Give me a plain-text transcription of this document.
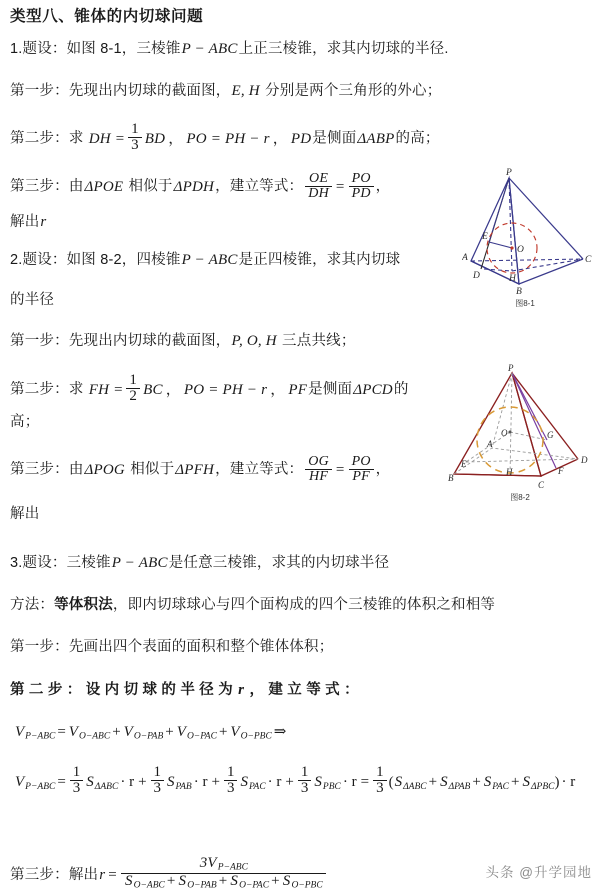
类型八、锥体的内切球问题
1.题设：如图 8-1，三棱锥P − ABC上正三棱锥，求其内切球的半径.
第一步：先现出内切球的截面图，E, H 分别是两个三角形的外心；
第二步：求 DH = $\frac{1}{3}$ BD ， PO = PH − r ， PD是侧面ΔABP的高；
第三步：由ΔPOE 相似于ΔPDH，建立等式： $\frac{OE}{DH} = \frac{PO}{PD}$ ，
解出r
P
A
B
C
D
E
H
O
图8-1
2.题设：如图 8-2，四棱锥P − ABC是正四棱锥，求其内切球
的半径
第一步：先现出内切球的截面图，P, O, H 三点共线；
第二步：求 FH = $\frac{1}{2}$ BC ， PO = PH − r ， PF是侧面ΔPCD的
高；
第三步：由ΔPOG 相似于ΔPFH，建立等式： $\frac{OG}{HF} = \frac{PO}{PF}$ ，
解出
P
B
C
D
A
E
F
G
H
O
图8-2
3.题设：三棱锥P − ABC是任意三棱锥，求其的内切球半径
方法：等体积法，即内切球球心与四个面构成的四个三棱锥的体积之和相等
第一步：先画出四个表面的面积和整个锥体体积；
第 二 步 ： 设 内 切 球 的 半 径 为 r ， 建 立 等 式 ：
$V_{P-ABC} = V_{O-ABC} + V_{O-PAB} + V_{O-PAC} + V_{O-PBC}$ ⇒
$V_{P-ABC} = \frac{1}{3} S_{\Delta ABC} \cdot r + \frac{1}{3} S_{PAB} \cdot r + \frac{1}{3} S_{PAC} \cdot r + \frac{1}{3} S_{PBC} \cdot r = \frac{1}{3} (S_{\Delta ABC} + S_{\Delta PAB} + S_{PAC} + S_{\Delta PBC}) \cdot r$
第三步：解出$r = \frac{3V_{P-ABC}}{S_{O-ABC} + S_{O-PAB} + S_{O-PAC} + S_{O-PBC}}$	头条 @升学园地
